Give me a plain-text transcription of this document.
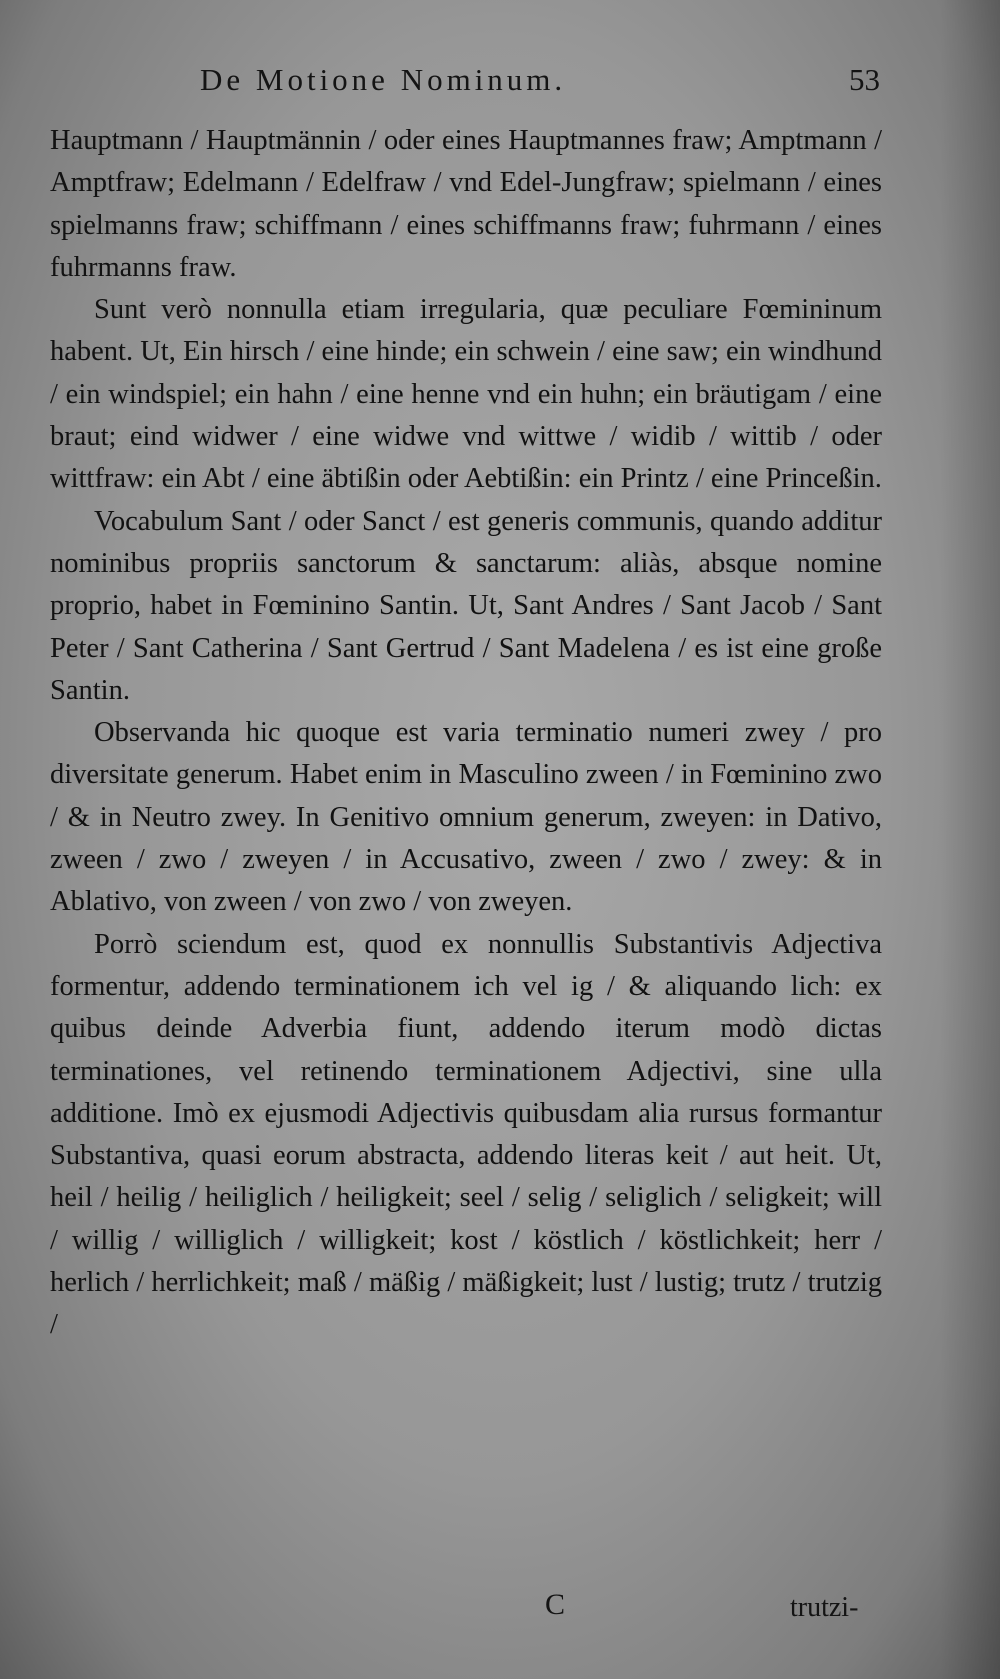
De Motione Nominum.	53

Hauptmann / Hauptmännin / oder eines Hauptmannes fraw; Amptmann / Amptfraw; Edelmann / Edelfraw / vnd Edel-Jungfraw; spielmann / eines spielmanns fraw; schiffmann / eines schiffmanns fraw; fuhrmann / eines fuhrmanns fraw.

Sunt verò nonnulla etiam irregularia, quæ peculiare Fœmininum habent. Ut, Ein hirsch / eine hinde; ein schwein / eine saw; ein windhund / ein windspiel; ein hahn / eine henne vnd ein huhn; ein bräutigam / eine braut; eind widwer / eine widwe vnd wittwe / widib / wittib / oder wittfraw: ein Abt / eine äbtißin oder Aebtißin: ein Printz / eine Princeßin.

Vocabulum Sant / oder Sanct / est generis communis, quando additur nominibus propriis sanctorum & sanctarum: aliàs, absque nomine proprio, habet in Fœminino Santin. Ut, Sant Andres / Sant Jacob / Sant Peter / Sant Catherina / Sant Gertrud / Sant Madelena / es ist eine große Santin.

Observanda hic quoque est varia terminatio numeri zwey / pro diversitate generum. Habet enim in Masculino zween / in Fœminino zwo / & in Neutro zwey. In Genitivo omnium generum, zweyen: in Dativo, zween / zwo / zweyen / in Accusativo, zween / zwo / zwey: & in Ablativo, von zween / von zwo / von zweyen.

Porrò sciendum est, quod ex nonnullis Substantivis Adjectiva formentur, addendo terminationem ich vel ig / & aliquando lich: ex quibus deinde Adverbia fiunt, addendo iterum modò dictas terminationes, vel retinendo terminationem Adjectivi, sine ulla additione. Imò ex ejusmodi Adjectivis quibusdam alia rursus formantur Substantiva, quasi eorum abstracta, addendo literas keit / aut heit. Ut, heil / heilig / heiliglich / heiligkeit; seel / selig / seliglich / seligkeit; will / willig / williglich / willigkeit; kost / köstlich / köstlichkeit; herr / herlich / herrlichkeit; maß / mäßig / mäßigkeit; lust / lustig; trutz / trutzig /

C	trutzi-
